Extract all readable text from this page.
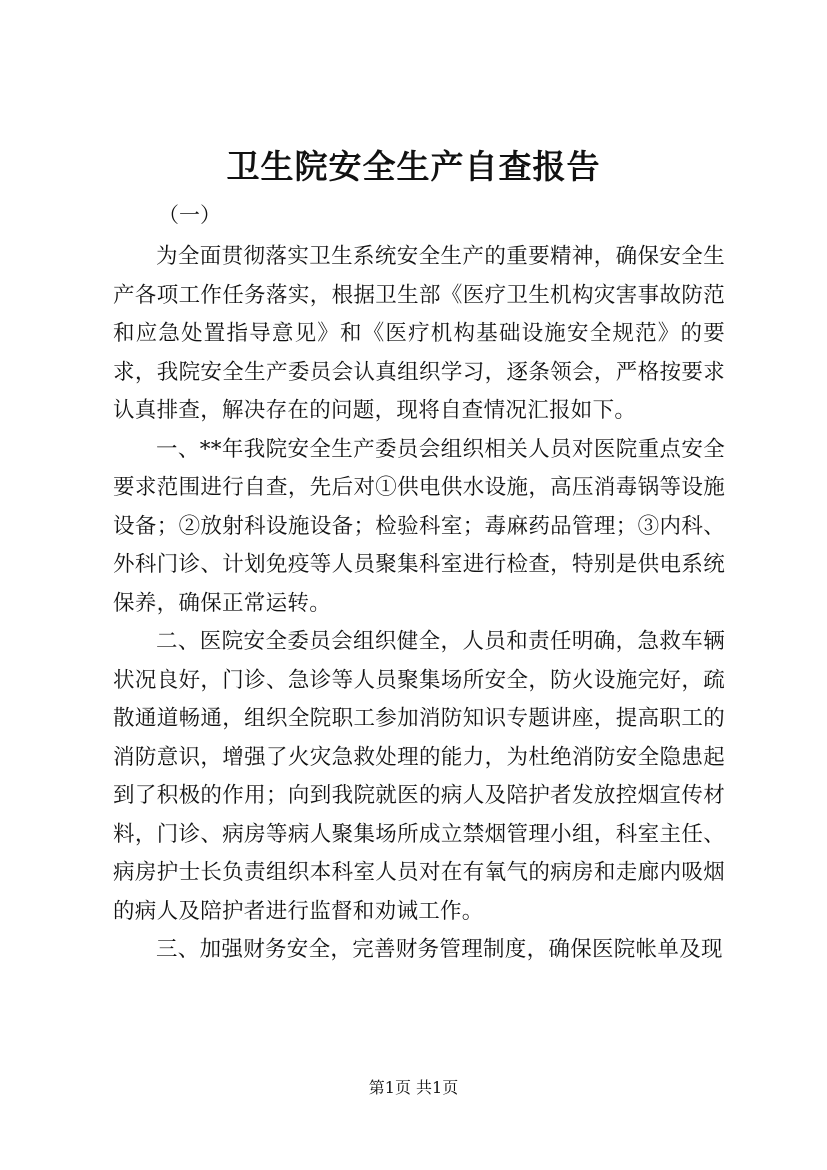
卫生院安全生产自查报告

（一）

为全面贯彻落实卫生系统安全生产的重要精神，确保安全生产各项工作任务落实，根据卫生部《医疗卫生机构灾害事故防范和应急处置指导意见》和《医疗机构基础设施安全规范》的要求，我院安全生产委员会认真组织学习，逐条领会，严格按要求认真排查，解决存在的问题，现将自查情况汇报如下。

一、**年我院安全生产委员会组织相关人员对医院重点安全要求范围进行自查，先后对①供电供水设施，高压消毒锅等设施设备；②放射科设施设备；检验科室；毒麻药品管理；③内科、外科门诊、计划免疫等人员聚集科室进行检查，特别是供电系统保养，确保正常运转。

二、医院安全委员会组织健全，人员和责任明确，急救车辆状况良好，门诊、急诊等人员聚集场所安全，防火设施完好，疏散通道畅通，组织全院职工参加消防知识专题讲座，提高职工的消防意识，增强了火灾急救处理的能力，为杜绝消防安全隐患起到了积极的作用；向到我院就医的病人及陪护者发放控烟宣传材料，门诊、病房等病人聚集场所成立禁烟管理小组，科室主任、病房护士长负责组织本科室人员对在有氧气的病房和走廊内吸烟的病人及陪护者进行监督和劝诫工作。

三、加强财务安全，完善财务管理制度，确保医院帐单及现

第1页 共1页
